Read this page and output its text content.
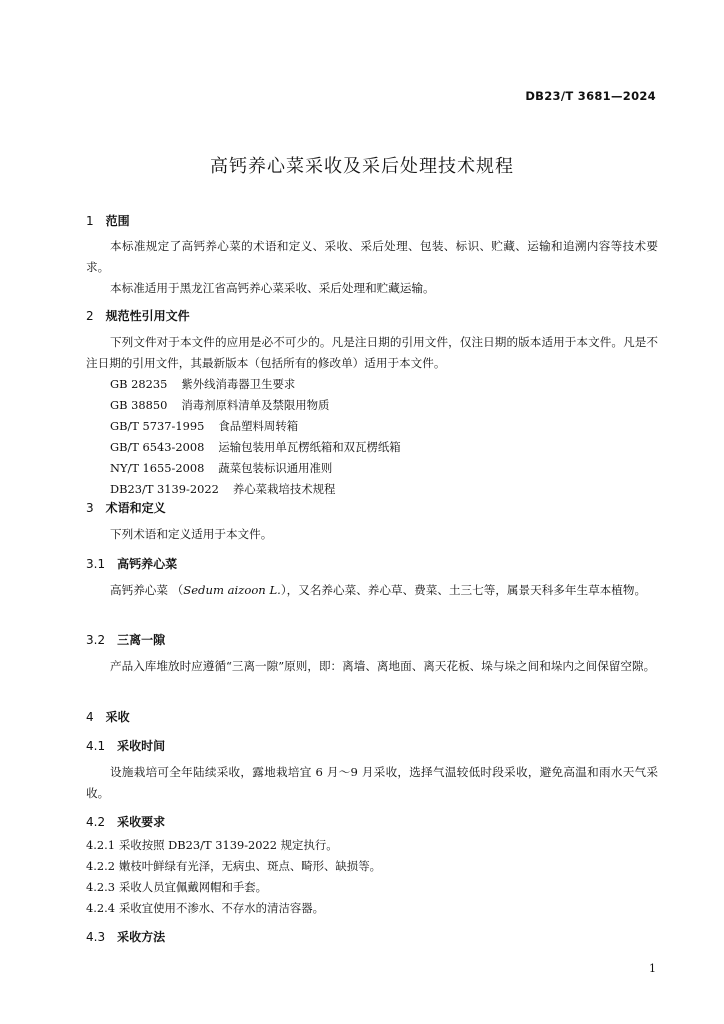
DB23/T 3681—2024
高钙养心菜采收及采后处理技术规程
1 范围
本标准规定了高钙养心菜的术语和定义、采收、采后处理、包装、标识、贮藏、运输和追溯内容等技术要求。
本标准适用于黑龙江省高钙养心菜采收、采后处理和贮藏运输。
2 规范性引用文件
下列文件对于本文件的应用是必不可少的。凡是注日期的引用文件，仅注日期的版本适用于本文件。凡是不注日期的引用文件，其最新版本（包括所有的修改单）适用于本文件。
GB 28235 紫外线消毒器卫生要求
GB 38850 消毒剂原料清单及禁限用物质
GB/T 5737-1995 食品塑料周转箱
GB/T 6543-2008 运输包装用单瓦楞纸箱和双瓦楞纸箱
NY/T 1655-2008 蔬菜包装标识通用准则
DB23/T 3139-2022 养心菜栽培技术规程
3 术语和定义
下列术语和定义适用于本文件。
3.1 高钙养心菜
高钙养心菜 （Sedum aizoon L.），又名养心菜、养心草、费菜、土三七等，属景天科多年生草本植物。
3.2 三离一隙
产品入库堆放时应遵循“三离一隙”原则，即：离墙、离地面、离天花板、垛与垛之间和垛内之间保留空隙。
4 采收
4.1 采收时间
设施栽培可全年陆续采收，露地栽培宜 6 月～9 月采收，选择气温较低时段采收，避免高温和雨水天气采收。
4.2 采收要求
4.2.1 采收按照 DB23/T 3139-2022 规定执行。
4.2.2 嫩枝叶鲜绿有光泽，无病虫、斑点、畸形、缺损等。
4.2.3 采收人员宜佩戴网帽和手套。
4.2.4 采收宜使用不渗水、不存水的清洁容器。
4.3 采收方法
1
